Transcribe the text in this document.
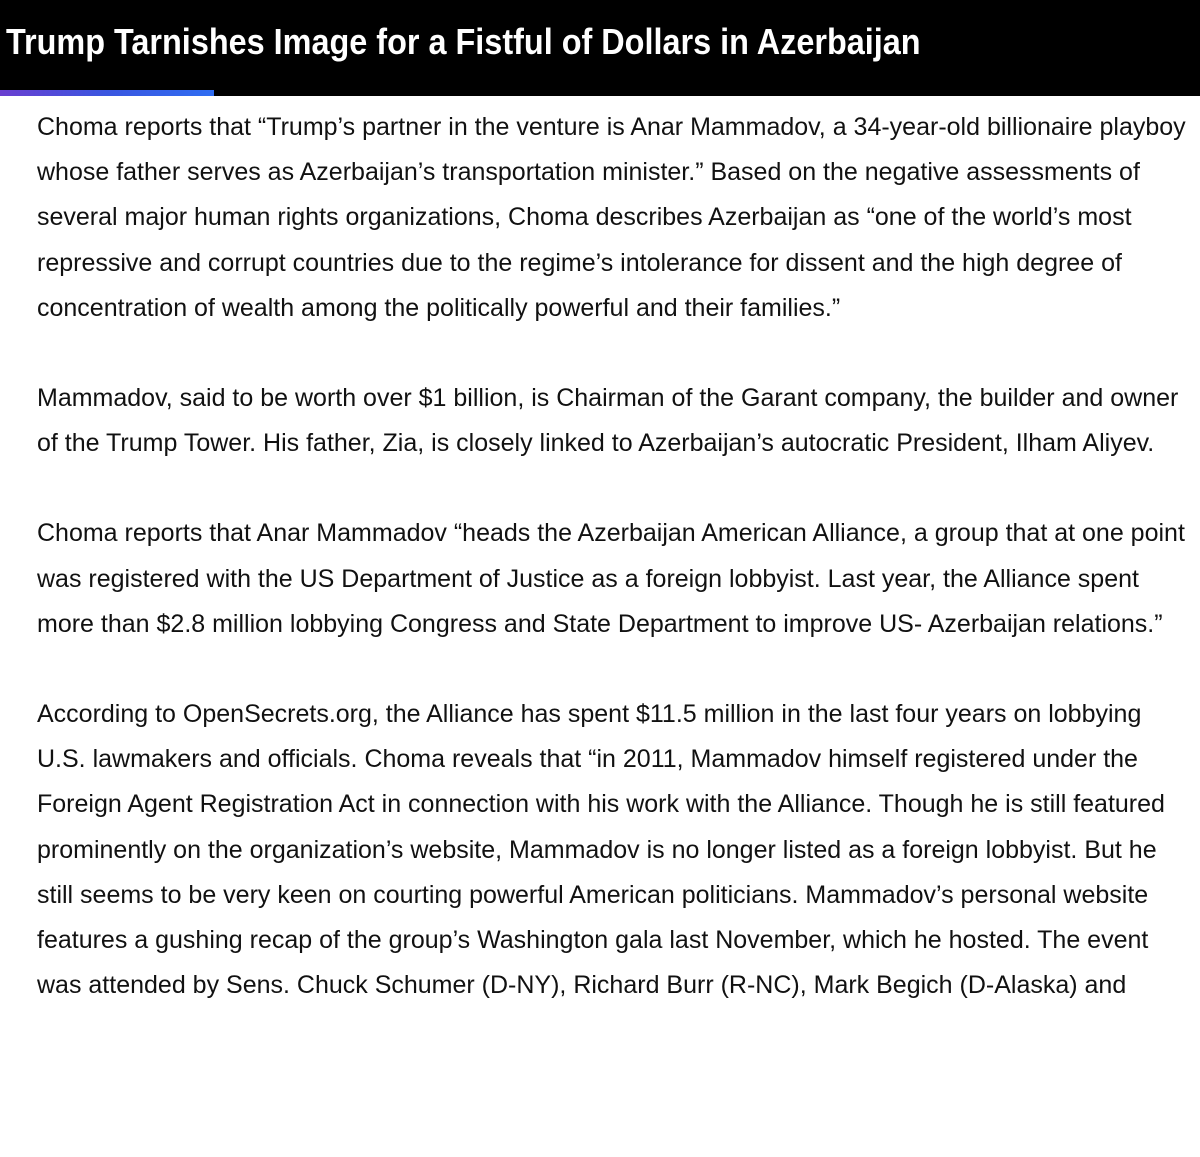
Trump Tarnishes Image for a Fistful of Dollars in Azerbaijan

Choma reports that “Trump’s partner in the venture is Anar Mammadov, a 34-year-old billionaire playboy whose father serves as Azerbaijan’s transportation minister.” Based on the negative assessments of several major human rights organizations, Choma describes Azerbaijan as “one of the world’s most repressive and corrupt countries due to the regime’s intolerance for dissent and the high degree of concentration of wealth among the politically powerful and their families.”

Mammadov, said to be worth over $1 billion, is Chairman of the Garant company, the builder and owner of the Trump Tower. His father, Zia, is closely linked to Azerbaijan’s autocratic President, Ilham Aliyev.

Choma reports that Anar Mammadov “heads the Azerbaijan American Alliance, a group that at one point was registered with the US Department of Justice as a foreign lobbyist. Last year, the Alliance spent more than $2.8 million lobbying Congress and State Department to improve US- Azerbaijan relations.”

According to OpenSecrets.org, the Alliance has spent $11.5 million in the last four years on lobbying U.S. lawmakers and officials. Choma reveals that “in 2011, Mammadov himself registered under the Foreign Agent Registration Act in connection with his work with the Alliance. Though he is still featured prominently on the organization’s website, Mammadov is no longer listed as a foreign lobbyist. But he still seems to be very keen on courting powerful American politicians. Mammadov’s personal website features a gushing recap of the group’s Washington gala last November, which he hosted. The event was attended by Sens. Chuck Schumer (D-NY), Richard Burr (R-NC), Mark Begich (D-Alaska) and
